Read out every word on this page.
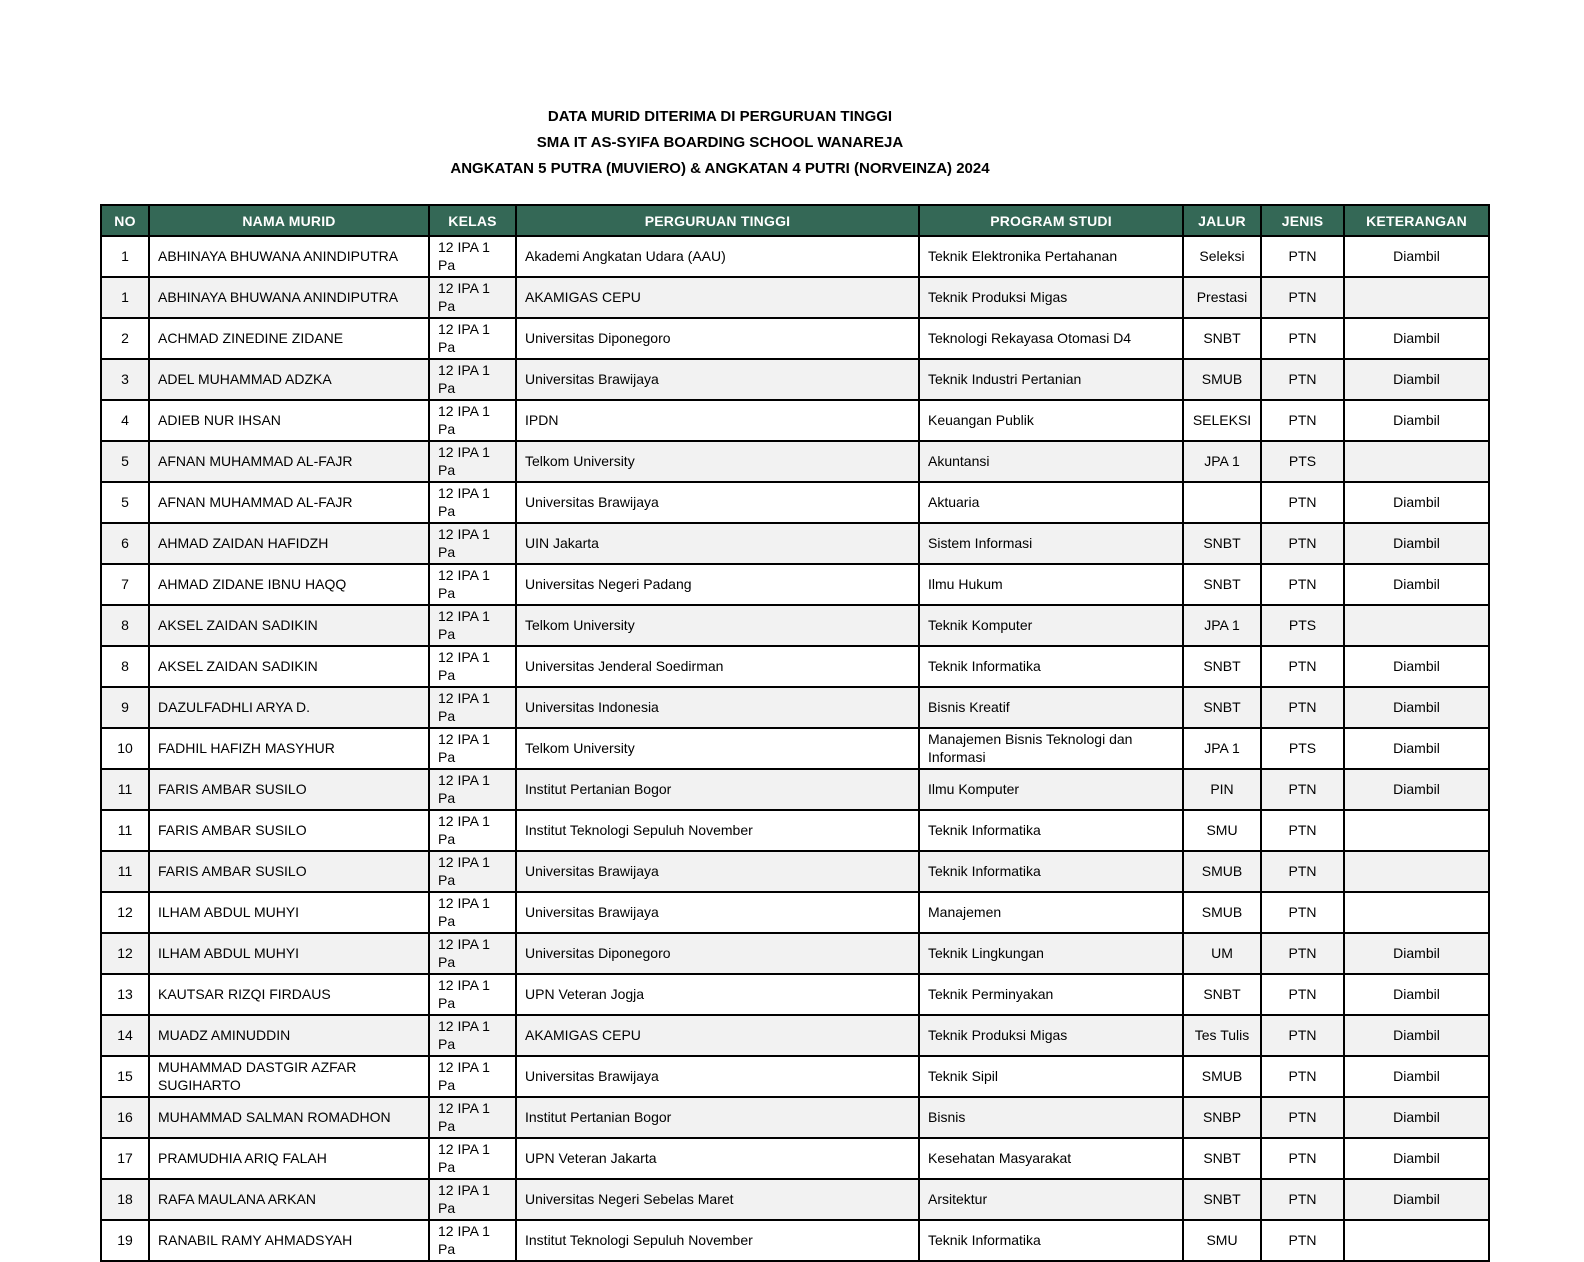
DATA MURID DITERIMA DI PERGURUAN TINGGI
SMA IT AS-SYIFA BOARDING SCHOOL WANAREJA
ANGKATAN 5 PUTRA (MUVIERO) & ANGKATAN 4 PUTRI (NORVEINZA) 2024
NO	NAMA MURID	KELAS	PERGURUAN TINGGI	PROGRAM STUDI	JALUR	JENIS	KETERANGAN
1	ABHINAYA BHUWANA ANINDIPUTRA	12 IPA 1 Pa	Akademi Angkatan Udara (AAU)	Teknik Elektronika Pertahanan	Seleksi	PTN	Diambil
1	ABHINAYA BHUWANA ANINDIPUTRA	12 IPA 1 Pa	AKAMIGAS CEPU	Teknik Produksi Migas	Prestasi	PTN	
2	ACHMAD ZINEDINE ZIDANE	12 IPA 1 Pa	Universitas Diponegoro	Teknologi Rekayasa Otomasi D4	SNBT	PTN	Diambil
3	ADEL MUHAMMAD ADZKA	12 IPA 1 Pa	Universitas Brawijaya	Teknik Industri Pertanian	SMUB	PTN	Diambil
4	ADIEB NUR IHSAN	12 IPA 1 Pa	IPDN	Keuangan Publik	SELEKSI	PTN	Diambil
5	AFNAN MUHAMMAD AL-FAJR	12 IPA 1 Pa	Telkom University	Akuntansi	JPA 1	PTS	
5	AFNAN MUHAMMAD AL-FAJR	12 IPA 1 Pa	Universitas Brawijaya	Aktuaria		PTN	Diambil
6	AHMAD ZAIDAN HAFIDZH	12 IPA 1 Pa	UIN Jakarta	Sistem Informasi	SNBT	PTN	Diambil
7	AHMAD ZIDANE IBNU HAQQ	12 IPA 1 Pa	Universitas Negeri Padang	Ilmu Hukum	SNBT	PTN	Diambil
8	AKSEL ZAIDAN SADIKIN	12 IPA 1 Pa	Telkom University	Teknik Komputer	JPA 1	PTS	
8	AKSEL ZAIDAN SADIKIN	12 IPA 1 Pa	Universitas Jenderal Soedirman	Teknik Informatika	SNBT	PTN	Diambil
9	DAZULFADHLI ARYA D.	12 IPA 1 Pa	Universitas Indonesia	Bisnis Kreatif	SNBT	PTN	Diambil
10	FADHIL HAFIZH MASYHUR	12 IPA 1 Pa	Telkom University	Manajemen Bisnis Teknologi dan Informasi	JPA 1	PTS	Diambil
11	FARIS AMBAR SUSILO	12 IPA 1 Pa	Institut Pertanian Bogor	Ilmu Komputer	PIN	PTN	Diambil
11	FARIS AMBAR SUSILO	12 IPA 1 Pa	Institut Teknologi Sepuluh November	Teknik Informatika	SMU	PTN	
11	FARIS AMBAR SUSILO	12 IPA 1 Pa	Universitas Brawijaya	Teknik Informatika	SMUB	PTN	
12	ILHAM ABDUL MUHYI	12 IPA 1 Pa	Universitas Brawijaya	Manajemen	SMUB	PTN	
12	ILHAM ABDUL MUHYI	12 IPA 1 Pa	Universitas Diponegoro	Teknik Lingkungan	UM	PTN	Diambil
13	KAUTSAR RIZQI FIRDAUS	12 IPA 1 Pa	UPN Veteran Jogja	Teknik Perminyakan	SNBT	PTN	Diambil
14	MUADZ AMINUDDIN	12 IPA 1 Pa	AKAMIGAS CEPU	Teknik Produksi Migas	Tes Tulis	PTN	Diambil
15	MUHAMMAD DASTGIR AZFAR SUGIHARTO	12 IPA 1 Pa	Universitas Brawijaya	Teknik Sipil	SMUB	PTN	Diambil
16	MUHAMMAD SALMAN ROMADHON	12 IPA 1 Pa	Institut Pertanian Bogor	Bisnis	SNBP	PTN	Diambil
17	PRAMUDHIA ARIQ FALAH	12 IPA 1 Pa	UPN Veteran Jakarta	Kesehatan Masyarakat	SNBT	PTN	Diambil
18	RAFA MAULANA ARKAN	12 IPA 1 Pa	Universitas Negeri Sebelas Maret	Arsitektur	SNBT	PTN	Diambil
19	RANABIL RAMY AHMADSYAH	12 IPA 1 Pa	Institut Teknologi Sepuluh November	Teknik Informatika	SMU	PTN	
